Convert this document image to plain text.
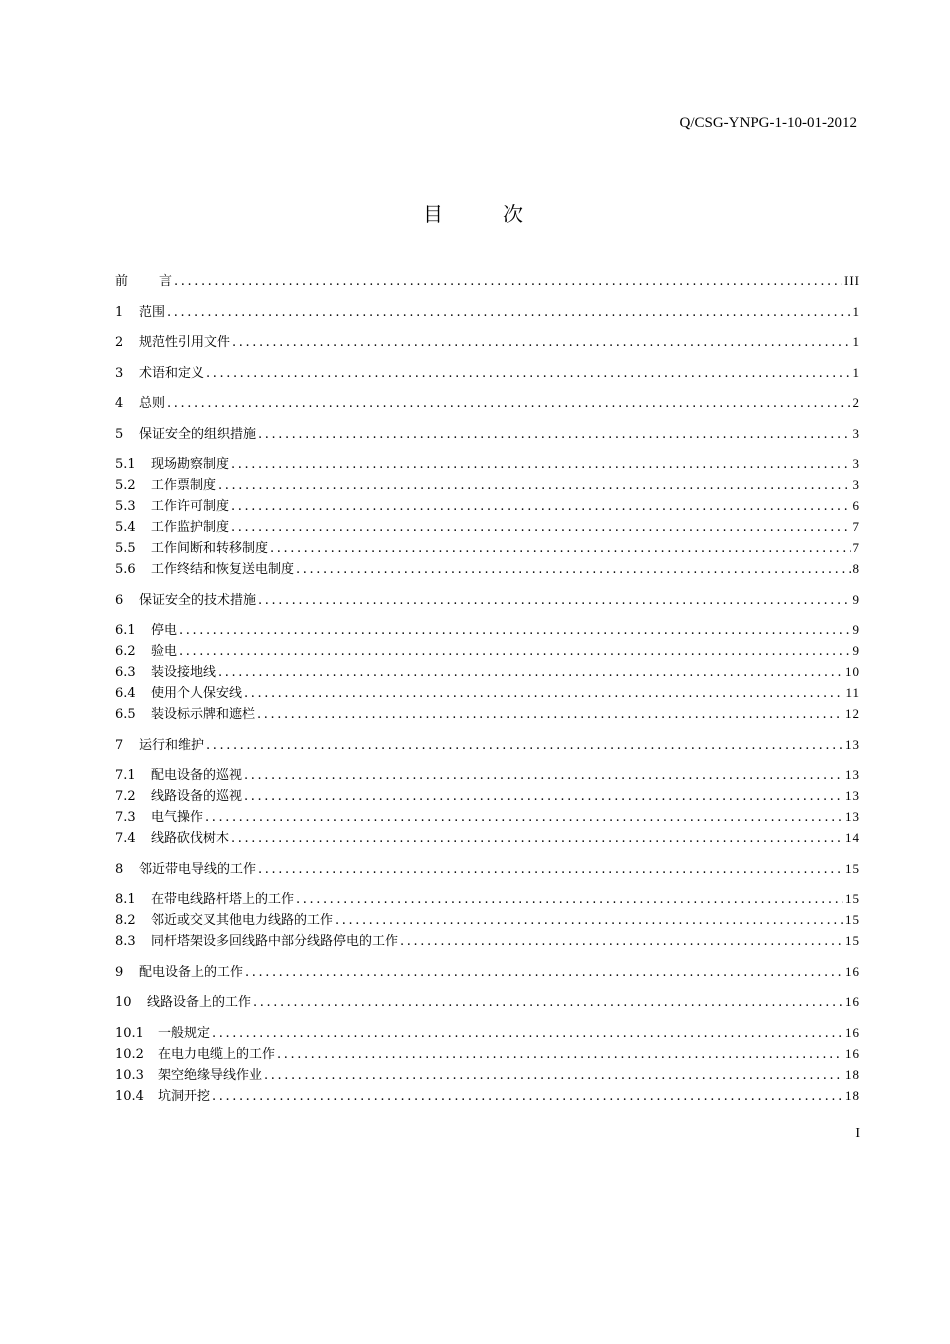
Q/CSG-YNPG-1-10-01-2012
目	次
前	言 .....	III
1	范围 .....	1
2	规范性引用文件 .....	1
3	术语和定义 .....	1
4	总则 .....	2
5	保证安全的组织措施 .....	3
5.1	现场勘察制度 .....	3
5.2	工作票制度 .....	3
5.3	工作许可制度 .....	6
5.4	工作监护制度 .....	7
5.5	工作间断和转移制度 .....	7
5.6	工作终结和恢复送电制度 .....	8
6	保证安全的技术措施 .....	9
6.1	停电 .....	9
6.2	验电 .....	9
6.3	装设接地线 .....	10
6.4	使用个人保安线 .....	11
6.5	装设标示牌和遮栏 .....	12
7	运行和维护 .....	13
7.1	配电设备的巡视 .....	13
7.2	线路设备的巡视 .....	13
7.3	电气操作 .....	13
7.4	线路砍伐树木 .....	14
8	邻近带电导线的工作 .....	15
8.1	在带电线路杆塔上的工作 .....	15
8.2	邻近或交叉其他电力线路的工作 .....	15
8.3	同杆塔架设多回线路中部分线路停电的工作 .....	15
9	配电设备上的工作 .....	16
10	线路设备上的工作 .....	16
10.1	一般规定 .....	16
10.2	在电力电缆上的工作 .....	16
10.3	架空绝缘导线作业 .....	18
10.4	坑洞开挖 .....	18
I
